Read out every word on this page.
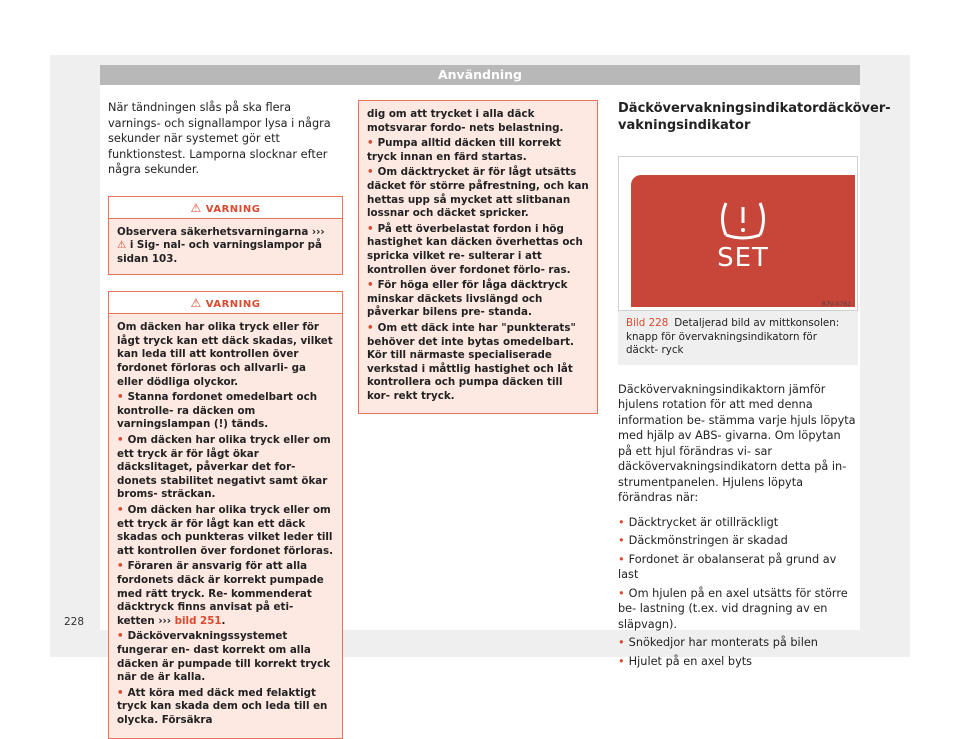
Användning
När tändningen slås på ska flera varnings- och signallampor lysa i några sekunder när systemet gör ett funktionstest. Lamporna slocknar efter några sekunder.
⚠ VARNING
Observera säkerhetsvarningarna ››› ⚠ i Sig- nal- och varningslampor på sidan 103.
⚠ VARNING

Om däcken har olika tryck eller för lågt tryck kan ett däck skadas, vilket kan leda till att kontrollen över fordonet förloras och allvarli- ga eller dödliga olyckor.

• Stanna fordonet omedelbart och kontrolle- ra däcken om varningslampan (!) tänds.

• Om däcken har olika tryck eller om ett tryck är för lågt ökar däckslitaget, påverkar det for- donets stabilitet negativt samt ökar broms- sträckan.

• Om däcken har olika tryck eller om ett tryck är för lågt kan ett däck skadas och punkteras vilket leder till att kontrollen över fordonet förloras.

• Föraren är ansvarig för att alla fordonets däck är korrekt pumpade med rätt tryck. Re- kommenderat däcktryck finns anvisat på eti- ketten ››› bild 251.

• Däckövervakningssystemet fungerar en- dast korrekt om alla däcken är pumpade till korrekt tryck när de är kalla.

• Att köra med däck med felaktigt tryck kan skada dem och leda till en olycka. Försäkra

dig om att trycket i alla däck motsvarar fordo- nets belastning.

• Pumpa alltid däcken till korrekt tryck innan en färd startas.

• Om däcktrycket är för lågt utsätts däcket för större påfrestning, och kan hettas upp så mycket att slitbanan lossnar och däcket spricker.

• På ett överbelastat fordon i hög hastighet kan däcken överhettas och spricka vilket re- sulterar i att kontrollen över fordonet förlo- ras.

• För höga eller för låga däcktryck minskar däckets livslängd och påverkar bilens pre- standa.

• Om ett däck inte har "punkterats" behöver det inte bytas omedelbart. Kör till närmaste specialiserade verkstad i måttlig hastighet och låt kontrollera och pumpa däcken till kor- rekt tryck.

Däckövervakningsindikatordäcköver- vakningsindikator
SET
B7V-0762
Bild 228 Detaljerad bild av mittkonsolen: knapp för övervakningsindikatorn för däckt- ryck
Däckövervakningsindikaktorn jämför hjulens rotation för att med denna information be- stämma varje hjuls löpyta med hjälp av ABS- givarna. Om löpytan på ett hjul förändras vi- sar däckövervakningsindikatorn detta på in- strumentpanelen. Hjulens löpyta förändras när:
• Däcktrycket är otillräckligt
• Däckmönstringen är skadad
• Fordonet är obalanserat på grund av last
• Om hjulen på en axel utsätts för större be- lastning (t.ex. vid dragning av en släpvagn).
• Snökedjor har monterats på bilen
• Hjulet på en axel byts
228
